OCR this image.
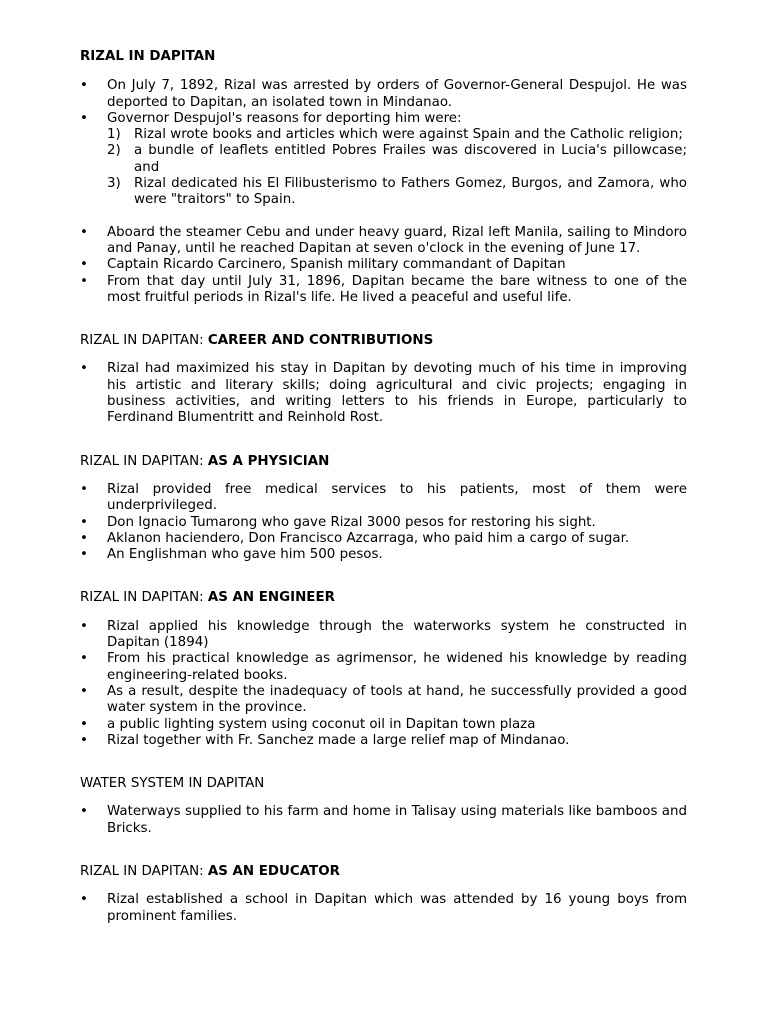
RIZAL IN DAPITAN

• On July 7, 1892, Rizal was arrested by orders of Governor-General Despujol. He was deported to Dapitan, an isolated town in Mindanao.
• Governor Despujol's reasons for deporting him were:
1) Rizal wrote books and articles which were against Spain and the Catholic religion;
2) a bundle of leaflets entitled Pobres Frailes was discovered in Lucia's pillowcase; and
3) Rizal dedicated his El Filibusterismo to Fathers Gomez, Burgos, and Zamora, who were "traitors" to Spain.
• Aboard the steamer Cebu and under heavy guard, Rizal left Manila, sailing to Mindoro and Panay, until he reached Dapitan at seven o'clock in the evening of June 17.
• Captain Ricardo Carcinero, Spanish military commandant of Dapitan
• From that day until July 31, 1896, Dapitan became the bare witness to one of the most fruitful periods in Rizal's life. He lived a peaceful and useful life.

RIZAL IN DAPITAN: CAREER AND CONTRIBUTIONS

• Rizal had maximized his stay in Dapitan by devoting much of his time in improving his artistic and literary skills; doing agricultural and civic projects; engaging in business activities, and writing letters to his friends in Europe, particularly to Ferdinand Blumentritt and Reinhold Rost.

RIZAL IN DAPITAN: AS A PHYSICIAN

• Rizal provided free medical services to his patients, most of them were underprivileged.
• Don Ignacio Tumarong who gave Rizal 3000 pesos for restoring his sight.
• Aklanon haciendero, Don Francisco Azcarraga, who paid him a cargo of sugar.
• An Englishman who gave him 500 pesos.

RIZAL IN DAPITAN: AS AN ENGINEER

• Rizal applied his knowledge through the waterworks system he constructed in Dapitan (1894)
• From his practical knowledge as agrimensor, he widened his knowledge by reading engineering-related books.
• As a result, despite the inadequacy of tools at hand, he successfully provided a good water system in the province.
• a public lighting system using coconut oil in Dapitan town plaza
• Rizal together with Fr. Sanchez made a large relief map of Mindanao.

WATER SYSTEM IN DAPITAN

• Waterways supplied to his farm and home in Talisay using materials like bamboos and Bricks.

RIZAL IN DAPITAN: AS AN EDUCATOR

• Rizal established a school in Dapitan which was attended by 16 young boys from prominent families.
